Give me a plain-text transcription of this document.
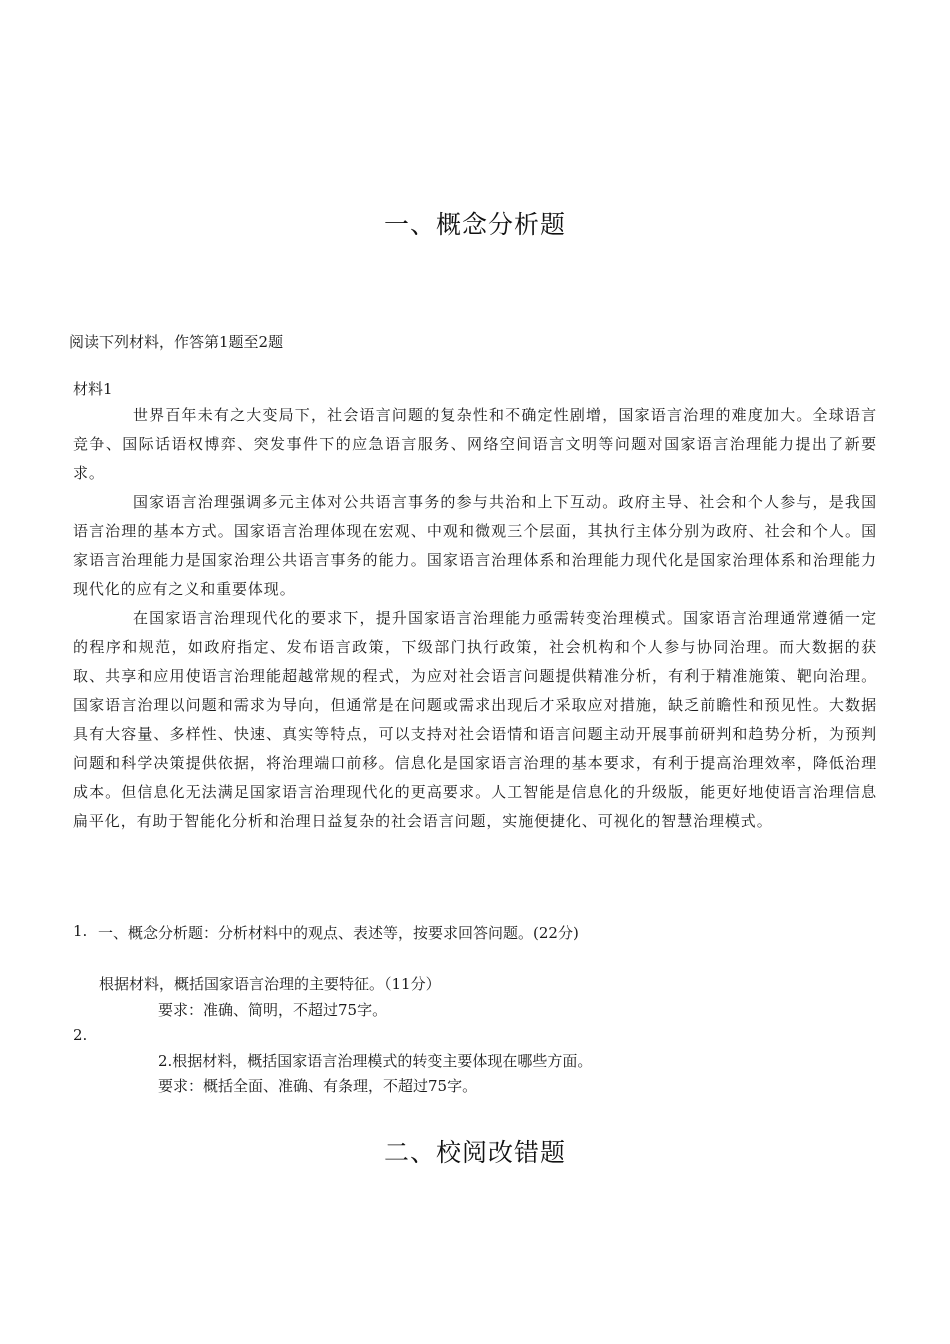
一、概念分析题
阅读下列材料，作答第1题至2题
材料1

世界百年未有之大变局下，社会语言问题的复杂性和不确定性剧增，国家语言治理的难度加大。全球语言竞争、国际话语权博弈、突发事件下的应急语言服务、网络空间语言文明等问题对国家语言治理能力提出了新要求。

国家语言治理强调多元主体对公共语言事务的参与共治和上下互动。政府主导、社会和个人参与，是我国语言治理的基本方式。国家语言治理体现在宏观、中观和微观三个层面，其执行主体分别为政府、社会和个人。国家语言治理能力是国家治理公共语言事务的能力。国家语言治理体系和治理能力现代化是国家治理体系和治理能力现代化的应有之义和重要体现。

在国家语言治理现代化的要求下，提升国家语言治理能力亟需转变治理模式。国家语言治理通常遵循一定的程序和规范，如政府指定、发布语言政策，下级部门执行政策，社会机构和个人参与协同治理。而大数据的获取、共享和应用使语言治理能超越常规的程式，为应对社会语言问题提供精准分析，有利于精准施策、靶向治理。国家语言治理以问题和需求为导向，但通常是在问题或需求出现后才采取应对措施，缺乏前瞻性和预见性。大数据具有大容量、多样性、快速、真实等特点，可以支持对社会语情和语言问题主动开展事前研判和趋势分析，为预判问题和科学决策提供依据，将治理端口前移。信息化是国家语言治理的基本要求，有利于提高治理效率，降低治理成本。但信息化无法满足国家语言治理现代化的更高要求。人工智能是信息化的升级版，能更好地使语言治理信息扁平化，有助于智能化分析和治理日益复杂的社会语言问题，实施便捷化、可视化的智慧治理模式。

1. 一、概念分析题：分析材料中的观点、表述等，按要求回答问题。(22分)
根据材料，概括国家语言治理的主要特征。（11分）
要求：准确、简明，不超过75字。
2.
2.根据材料，概括国家语言治理模式的转变主要体现在哪些方面。
要求：概括全面、准确、有条理，不超过75字。
二、校阅改错题
